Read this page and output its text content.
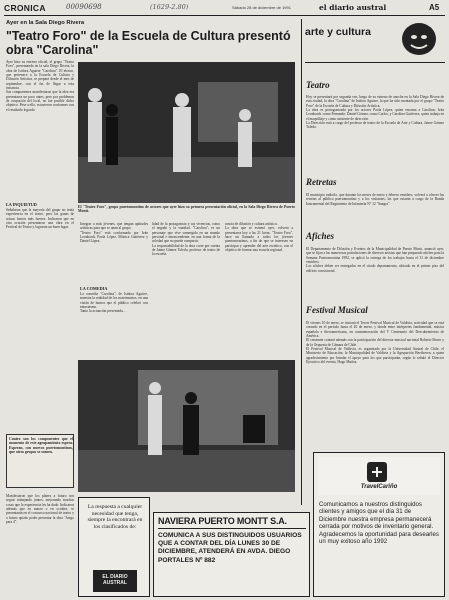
CRONICA	00090698	(1629-2.80)	Sábado 28 de diciembre de 1991	el diario austral	A5
Ayer en la Sala Diego Rivera
"Teatro Foro" de la Escuela de Cultura presentó obra "Carolina"
Ayer hizo su estreno oficial, el grupo "Teatro Foro", presentando en la sala Diego Rivera, la obra de Isidora Aguirre "Carolina". El elenco, que pertenece a la Escuela de Cultura y Difusión Artística, se preparó desde el mes de septiembre, con el fin de llegar a esta instancia.
Sus componentes manifestaron que la idea era presentarse un poco antes, pero por problemas de ocupación del local, no fue posible dicho objetivo. Pese a ello, estuvieron conformes con el resultado logrado.
LA INQUIETUD
Señalaron que la mayoría del grupo no tenía experiencia en el teatro, pero las ganas de actuar fueron más fuertes. Indicaron que en otra ocasión presentaron una obra en el Festival de Teatro y lograron un buen lugar.
El "Teatro Foro", grupo puertomontino de actores que ayer hizo su primera presentación oficial, en la Sala Diego Rivera de Puerto Montt.
Integrar a más jóvenes, que tengan aptitudes artísticas para que se unan al grupo.
"Teatro Foro" está conformado por Iván Leonhardt, Paola López, Mónica Gutiérrez y Daniel López.
LA COMEDIA
La comedia "Carolina", de Isidora Aguirre, muestra la realidad de los matrimonios, en una visión de humor que el público celebró con entusiasmo.
Tanto la actuación presentada...
lidad de la protagonista y sus vivencias, como el engaño y la vanidad. "Carolina", es un personaje que vive sumergida en un mundo personal e intrascendente, en una forma de la soledad que no puede compartir.
La responsabilidad de la obra corre por cuenta de Jaime Gómez Toledo, profesor de teatro de la escuela.
rancia de difusión y cultura artística.
La obra que se estrenó ayer, volverá a presentarse hoy a las 21 horas. "Teatro Foro", hace un llamado a todos los jóvenes puertomontinos, a fin de que se interesen en participar y aprender del arte escénico, con el objetivo de formar una escuela regional.
Cuatro son los componentes que el momento de este agrupamiento espera. Esperan, con nuevos puertomontinos, que otros grupos se sumen.
Manifestaron que los planes a futuro son seguir trabajando juntos, mejorando muchas cosas que la experiencia les ha dado. Indicaron además que en marzo o en octubre, se presentarán en el concurso nacional de teatro y a futuro quizás poder presentar la obra "Juego para 4".
La respuesta a cualquier necesidad que tenga, siempre la encontrará en los clasificados de:
EL DIARIO AUSTRAL
NAVIERA PUERTO MONTT S.A.
COMUNICA A SUS DISTINGUIDOS USUARIOS QUE A CONTAR DEL DÍA LUNES 30 DE DICIEMBRE, ATENDERÁ EN AVDA. DIEGO PORTALES Nº 882
arte y cultura
Teatro
Hoy se presentará por segunda vez, luego de su estreno de anoche en la Sala Diego Rivera de esta ciudad, la obra "Carolina" de Isidora Aguirre, la que ha sido montada por el grupo "Teatro Foro" de la Escuela de Cultura y Difusión Artística.
La obra es protagonizada por los actores Paola López, quien encarna a Carolina; Iván Leonhardt, como Fernando; Daniel Gómez, como Carlos, y Carolina Gutiérrez, quien trabaja en el maquillaje y como asistente de dirección.
La Dirección está a cargo del profesor de teatro de la Escuela de Arte y Cultura, Jaime Gómez Toledo.
Retretas
El municipio radiofio, que durante los meses de enero y febrero venidero, volverá a ofrecer las retretas al público puertomontino y a los visitantes, las que estarán a cargo de la Banda Instrumental del Regimiento de Infantería N° 12 "Sangra".
Afiches
El Departamento de Difusión y Eventos de la Municipalidad de Puerto Montt, anunció ayer, que se fijan a las numerosas postulaciones de diversos artistas que han preparado afiches para la Semana Puertomontina 1992, se aplicó la entrega de los trabajos hasta el 31 de diciembre venidero.
Los afiches deben ser entregados en el citado departamento, ubicado en el primer piso del edificio consistorial.
Festival Musical
El viernes 10 de enero, se iniciará el Tercer Festival Musical de Valdivia, actividad que se está creando en el periodo hasta el 20 de enero, y donde entre intérpretes fundamental, música española e iberoamericana, en conmemoración del V Centenario del Descubrimiento de América.
El certamen contará además con la participación del director musical nacional Roberto Bravo y de la Orquesta de Cámara de Chile.
El Festival Musical de Valdivia, es organizado por la Universidad Austral de Chile, el Ministerio de Educación, la Municipalidad de Valdivia y la Agrupación Beethoven, a quien agradecimiento por brindar el apoyo para los que participarán, según lo señaló el Director Ejecutivo del evento, Hugo Muñoz.
TravelCariño
Comunicamos a nuestros distinguidos clientes y amigos que el día 31 de Diciembre nuestra empresa permanecerá cerrada por motivos de inventario general.
Agradecemos la oportunidad para desearles un muy exitoso año 1992
